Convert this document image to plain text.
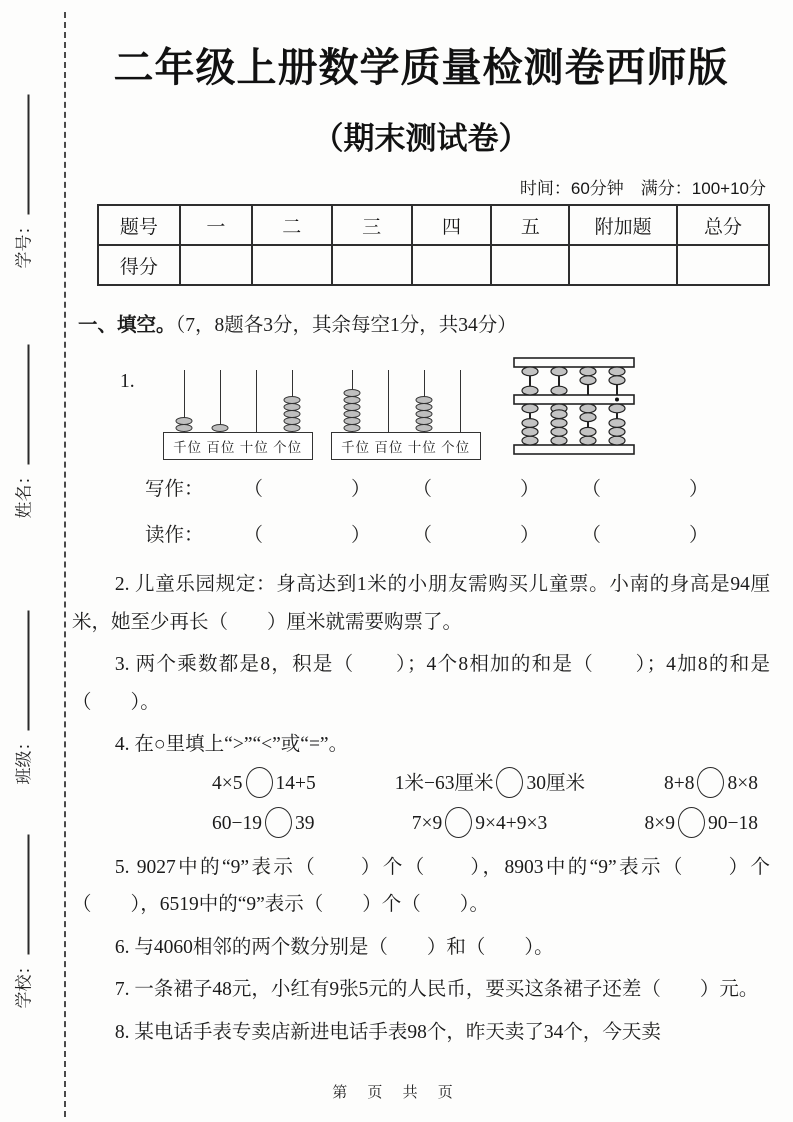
学号：
姓名：
班级：
学校：
二年级上册数学质量检测卷西师版
（期末测试卷）
时间：60分钟　满分：100+10分
题号	一	二	三	四	五	附加题	总分
得分							

一、填空。（7，8题各3分，其余每空1分，共34分）

1.
千位 百位 十位 个位	千位 百位 十位 个位
写作： （　　　　） （　　　　） （　　　　）
读作： （　　　　） （　　　　） （　　　　）

2. 儿童乐园规定：身高达到1米的小朋友需购买儿童票。小南的身高是94厘米，她至少再长（　　）厘米就需要购票了。

3. 两个乘数都是8，积是（　　）；4个8相加的和是（　　）；4加8的和是（　　）。

4. 在○里填上“>”“<”或“=”。

4×5 14+5	1米−63厘米 30厘米	8+8 8×8
60−19 39	7×9 9×4+9×3	8×9 90−18

5. 9027中的“9”表示（　　）个（　　），8903中的“9”表示（　　）个（　　），6519中的“9”表示（　　）个（　　）。

6. 与4060相邻的两个数分别是（　　）和（　　）。

7. 一条裙子48元，小红有9张5元的人民币，要买这条裙子还差（　　）元。

8. 某电话手表专卖店新进电话手表98个，昨天卖了34个，今天卖

第 页 共 页
